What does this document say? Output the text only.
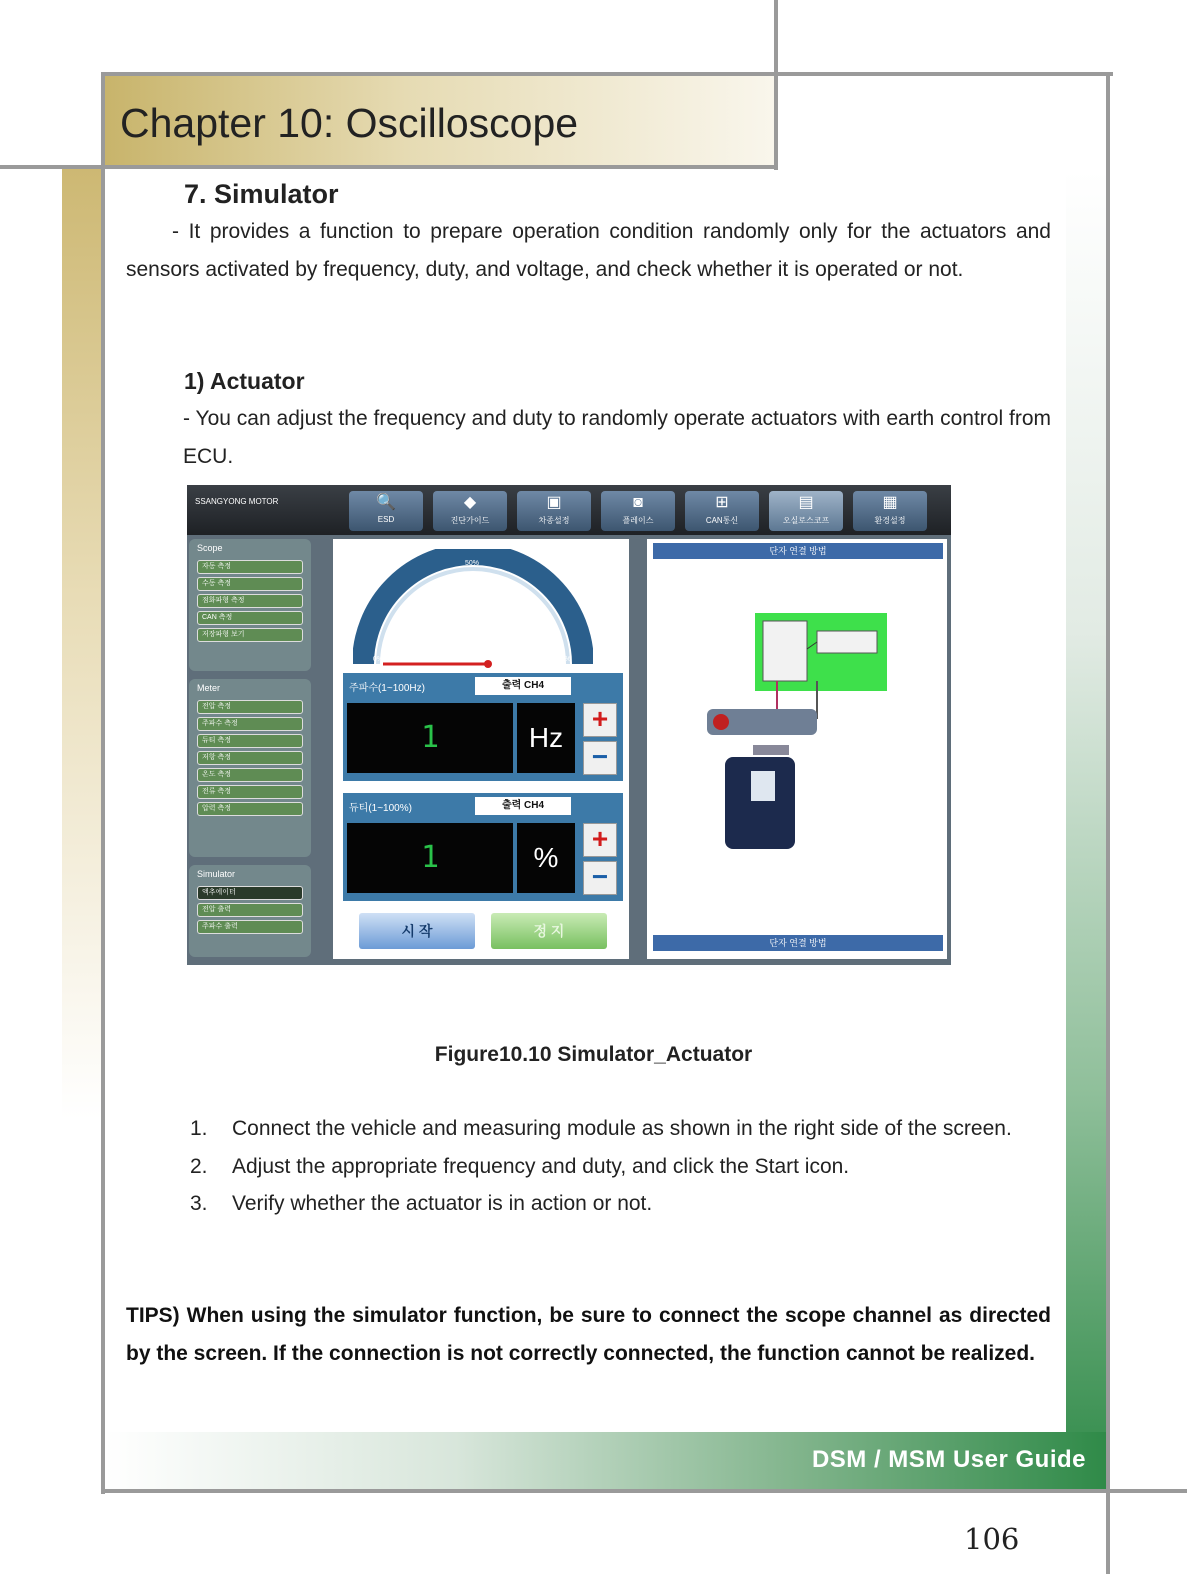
Chapter 10: Oscilloscope
7. Simulator
- It provides a function to prepare operation condition randomly only for the actuators and sensors activated by frequency, duty, and voltage, and check whether it is operated or not.
1) Actuator
- You can adjust the frequency and duty to randomly operate actuators with earth control from ECU.
SSANGYONG MOTOR	🔍
ESD
◆
진단가이드
▣
차종설정
◙
플레이스
⊞
CAN통신
▤
오실로스코프
▦
환경설정
Scope
자동 측정
수동 측정
점화파형 측정
CAN 측정
저장파형 보기
Meter
전압 측정
주파수 측정
듀티 측정
저항 측정
온도 측정
전류 측정
압력 측정
Simulator
액추에이터
전압 출력
주파수 출력
0%
50%
100%
주파수(1~100Hz)	출력 CH4
1	Hz
+
−
듀티(1~100%)	출력 CH4
1	%
+
−
시 작	정 지
단자 연결 방법
단자 연결 방법
Figure10.10 Simulator_Actuator
1.	Connect the vehicle and measuring module as shown in the right side of the screen.
2.	Adjust the appropriate frequency and duty, and click the Start icon.
3.	Verify whether the actuator is in action or not.
TIPS) When using the simulator function, be sure to connect the scope channel as directed by the screen. If the connection is not correctly connected, the function cannot be realized.
DSM / MSM User Guide
106
